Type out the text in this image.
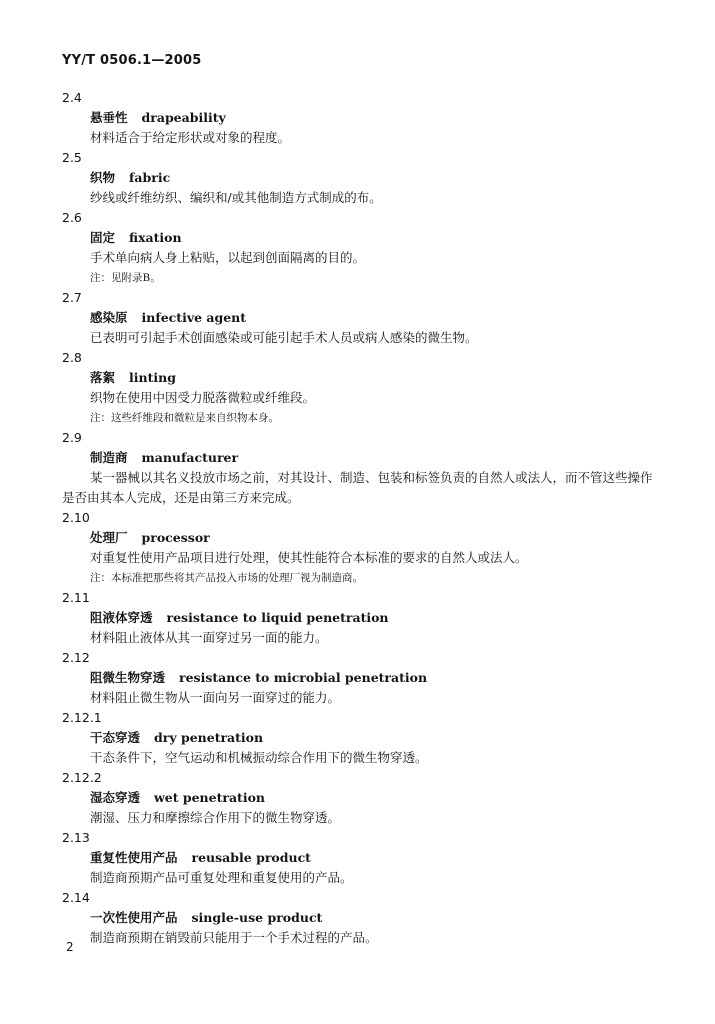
YY/T 0506.1—2005
2.4
悬垂性 drapeability
材料适合于给定形状或对象的程度。
2.5
织物 fabric
纱线或纤维纺织、编织和/或其他制造方式制成的布。
2.6
固定 fixation
手术单向病人身上粘贴，以起到创面隔离的目的。
注：见附录B。
2.7
感染原 infective agent
已表明可引起手术创面感染或可能引起手术人员或病人感染的微生物。
2.8
落絮 linting
织物在使用中因受力脱落微粒或纤维段。
注：这些纤维段和微粒是来自织物本身。
2.9
制造商 manufacturer
某一器械以其名义投放市场之前，对其设计、制造、包装和标签负责的自然人或法人，而不管这些操作是否由其本人完成，还是由第三方来完成。
2.10
处理厂 processor
对重复性使用产品项目进行处理，使其性能符合本标准的要求的自然人或法人。
注：本标准把那些将其产品投入市场的处理厂视为制造商。
2.11
阻液体穿透 resistance to liquid penetration
材料阻止液体从其一面穿过另一面的能力。
2.12
阻微生物穿透 resistance to microbial penetration
材料阻止微生物从一面向另一面穿过的能力。
2.12.1
干态穿透 dry penetration
干态条件下，空气运动和机械振动综合作用下的微生物穿透。
2.12.2
湿态穿透 wet penetration
潮湿、压力和摩擦综合作用下的微生物穿透。
2.13
重复性使用产品 reusable product
制造商预期产品可重复处理和重复使用的产品。
2.14
一次性使用产品 single-use product
制造商预期在销毁前只能用于一个手术过程的产品。
2
